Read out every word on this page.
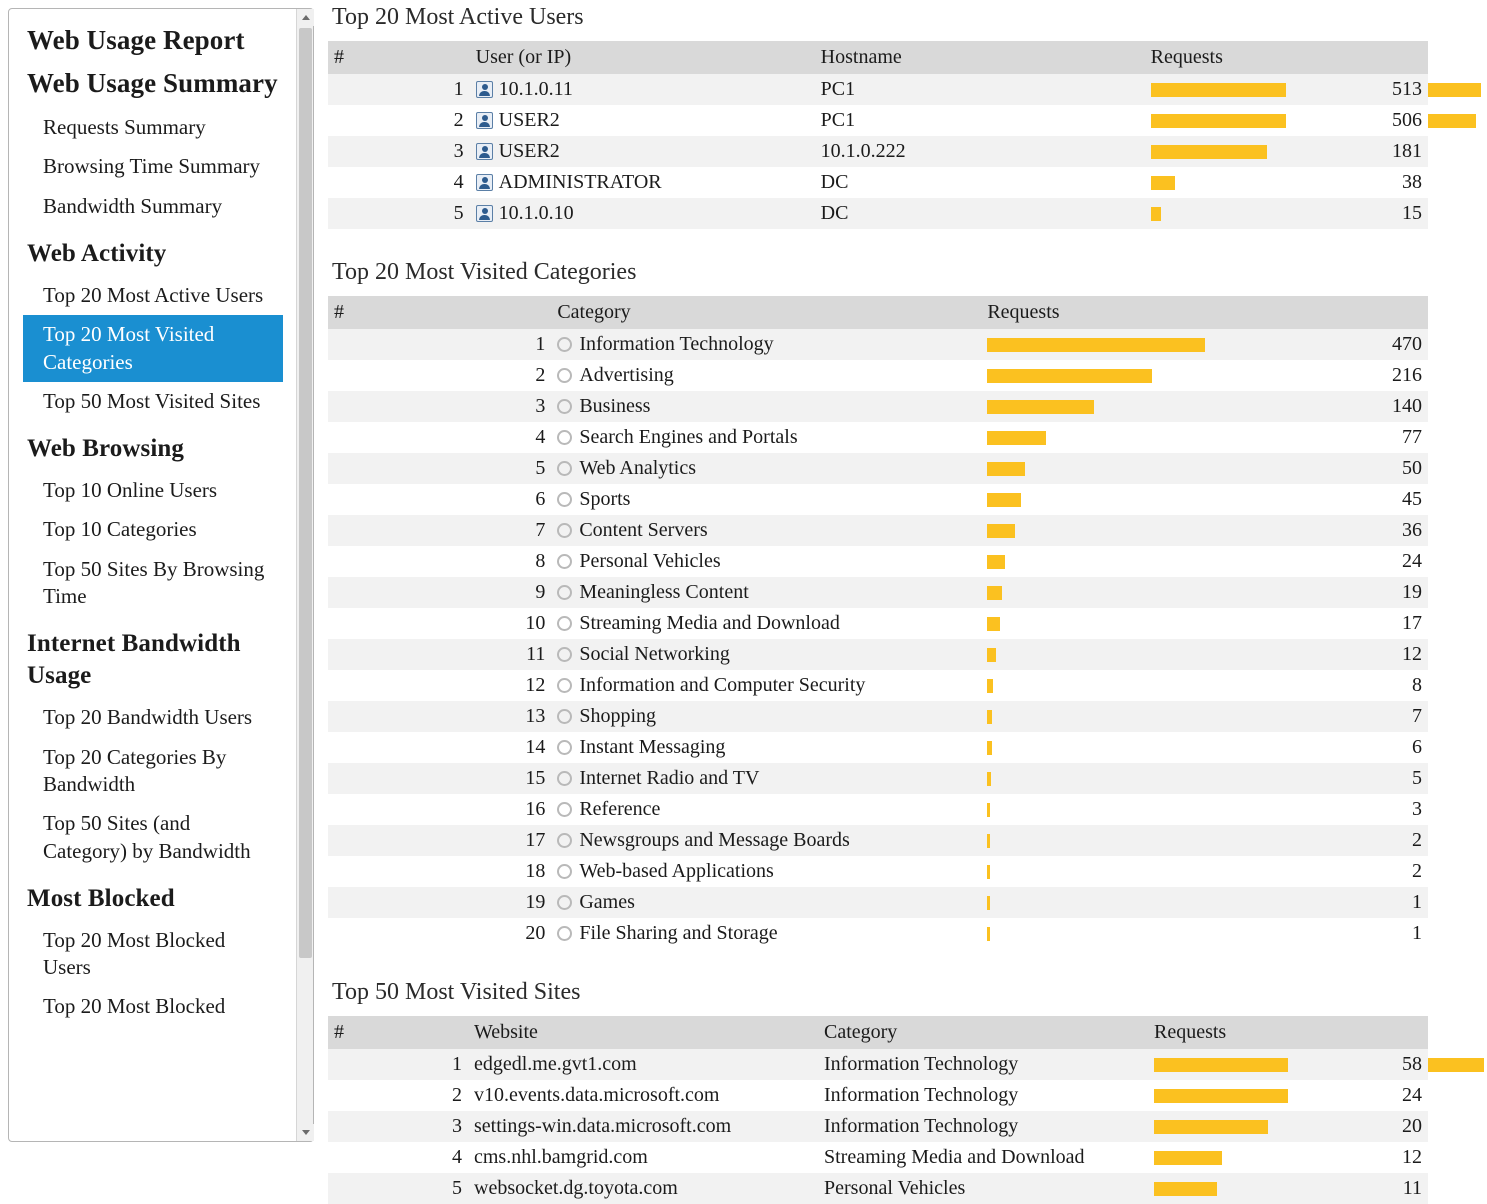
Web Usage Report
Web Usage Summary
Requests Summary
Browsing Time Summary
Bandwidth Summary
Web Activity
Top 20 Most Active Users
Top 20 Most Visited Categories
Top 50 Most Visited Sites
Web Browsing
Top 10 Online Users
Top 10 Categories
Top 50 Sites By Browsing Time
Internet Bandwidth Usage
Top 20 Bandwidth Users
Top 20 Categories By Bandwidth
Top 50 Sites (and Category) by Bandwidth
Most Blocked
Top 20 Most Blocked Users
Top 20 Most Blocked
Top 20 Most Active Users
#	User (or IP)	Hostname	Requests	
1	10.1.0.11	PC1		513
2	USER2	PC1		506
3	USER2	10.1.0.222		181
4	ADMINISTRATOR	DC		38
5	10.1.0.10	DC		15
Top 20 Most Visited Categories
#	Category	Requests	
1	Information Technology		470
2	Advertising		216
3	Business		140
4	Search Engines and Portals		77
5	Web Analytics		50
6	Sports		45
7	Content Servers		36
8	Personal Vehicles		24
9	Meaningless Content		19
10	Streaming Media and Download		17
11	Social Networking		12
12	Information and Computer Security		8
13	Shopping		7
14	Instant Messaging		6
15	Internet Radio and TV		5
16	Reference		3
17	Newsgroups and Message Boards		2
18	Web-based Applications		2
19	Games		1
20	File Sharing and Storage		1
Top 50 Most Visited Sites
#	Website	Category	Requests	
1	edgedl.me.gvt1.com	Information Technology		58
2	v10.events.data.microsoft.com	Information Technology		24
3	settings-win.data.microsoft.com	Information Technology		20
4	cms.nhl.bamgrid.com	Streaming Media and Download		12
5	websocket.dg.toyota.com	Personal Vehicles		11
